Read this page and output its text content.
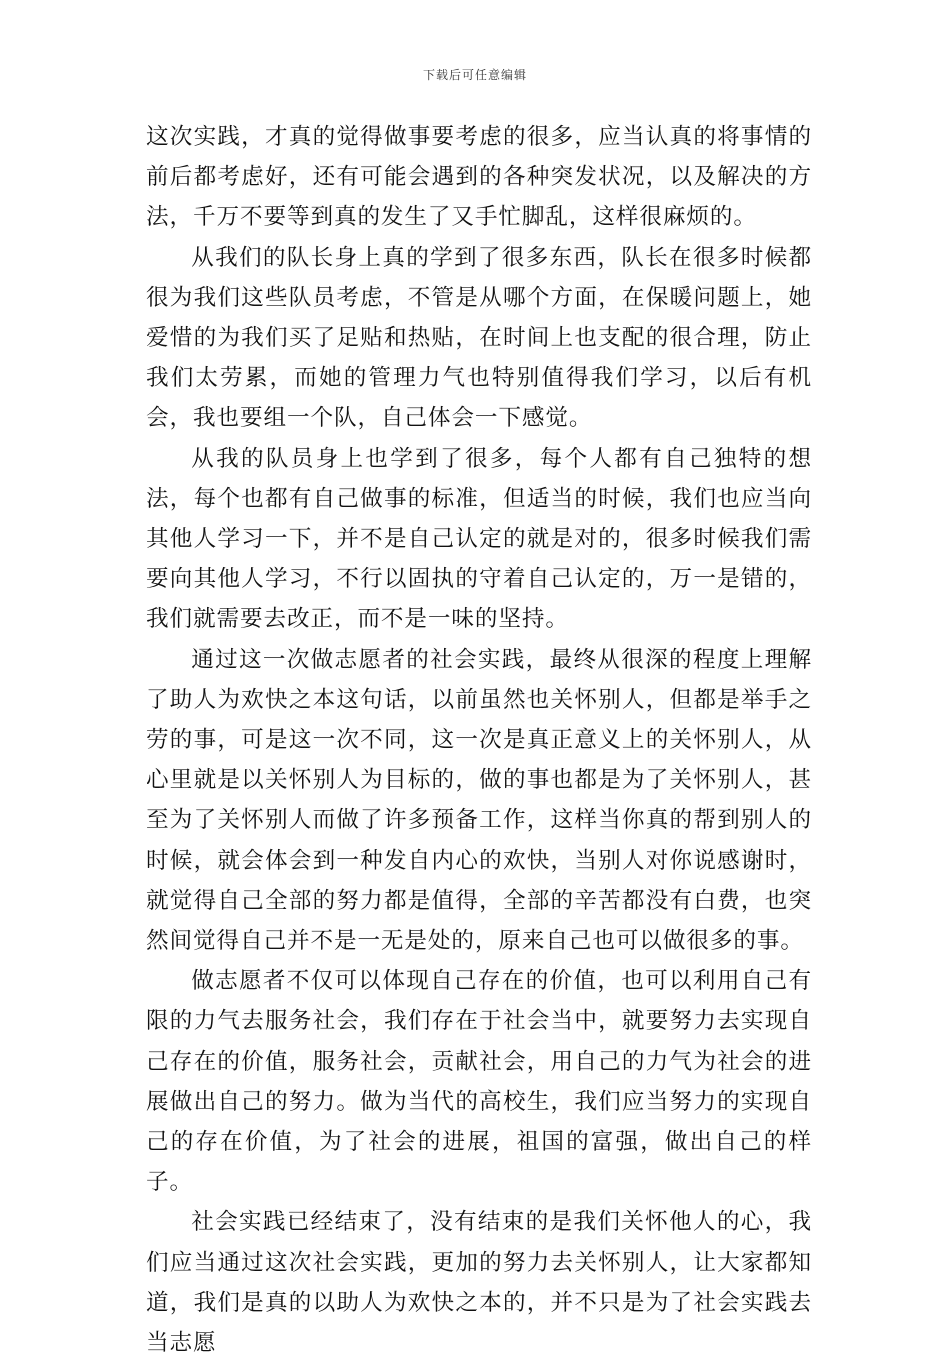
下载后可任意编辑

这次实践，才真的觉得做事要考虑的很多，应当认真的将事情的前后都考虑好，还有可能会遇到的各种突发状况，以及解决的方法，千万不要等到真的发生了又手忙脚乱，这样很麻烦的。

从我们的队长身上真的学到了很多东西，队长在很多时候都很为我们这些队员考虑，不管是从哪个方面，在保暖问题上，她爱惜的为我们买了足贴和热贴，在时间上也支配的很合理，防止我们太劳累，而她的管理力气也特别值得我们学习，以后有机会，我也要组一个队，自己体会一下感觉。

从我的队员身上也学到了很多，每个人都有自己独特的想法，每个也都有自己做事的标准，但适当的时候，我们也应当向其他人学习一下，并不是自己认定的就是对的，很多时候我们需要向其他人学习，不行以固执的守着自己认定的，万一是错的，我们就需要去改正，而不是一味的坚持。

通过这一次做志愿者的社会实践，最终从很深的程度上理解了助人为欢快之本这句话，以前虽然也关怀别人，但都是举手之劳的事，可是这一次不同，这一次是真正意义上的关怀别人，从心里就是以关怀别人为目标的，做的事也都是为了关怀别人，甚至为了关怀别人而做了许多预备工作，这样当你真的帮到别人的时候，就会体会到一种发自内心的欢快，当别人对你说感谢时，就觉得自己全部的努力都是值得，全部的辛苦都没有白费，也突然间觉得自己并不是一无是处的，原来自己也可以做很多的事。

做志愿者不仅可以体现自己存在的价值，也可以利用自己有限的力气去服务社会，我们存在于社会当中，就要努力去实现自己存在的价值，服务社会，贡献社会，用自己的力气为社会的进展做出自己的努力。做为当代的高校生，我们应当努力的实现自己的存在价值，为了社会的进展，祖国的富强，做出自己的样子。

社会实践已经结束了，没有结束的是我们关怀他人的心，我们应当通过这次社会实践，更加的努力去关怀别人，让大家都知道，我们是真的以助人为欢快之本的，并不只是为了社会实践去当志愿
